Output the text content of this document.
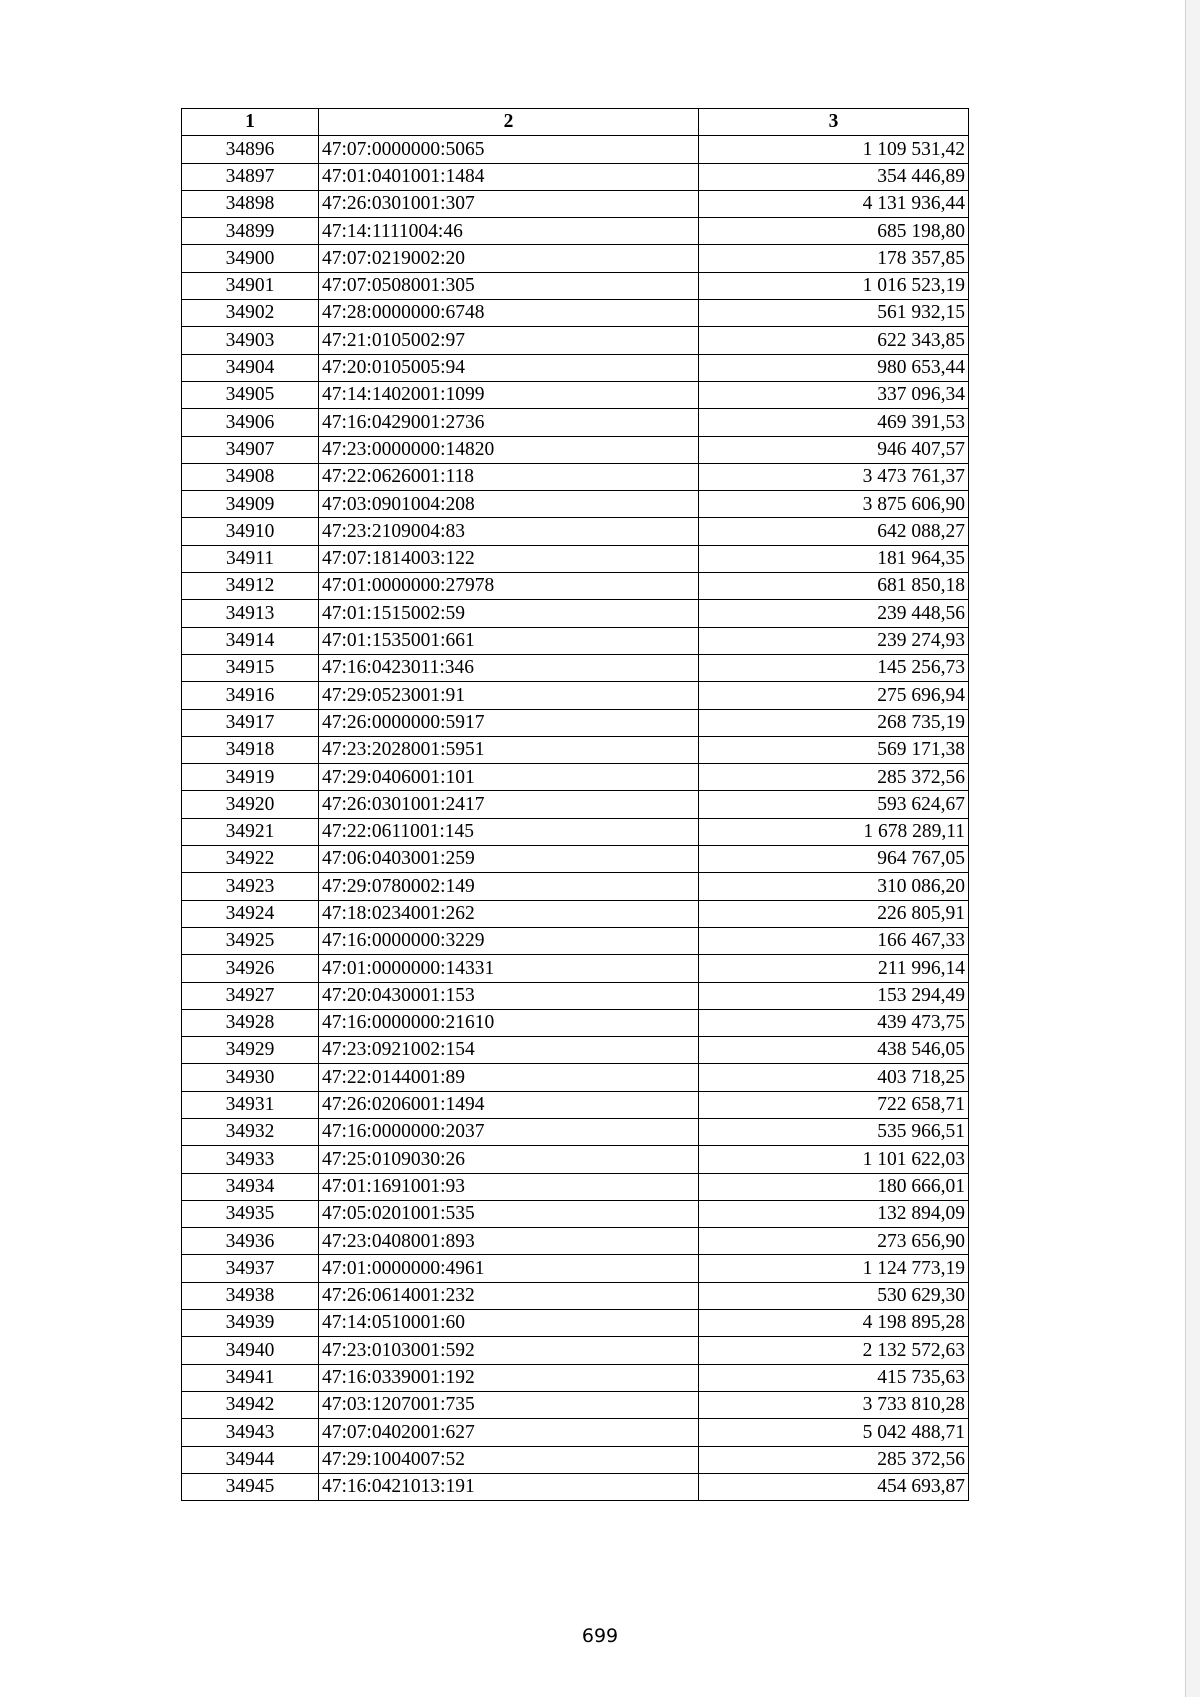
1	2	3
34896	47:07:0000000:5065	1 109 531,42
34897	47:01:0401001:1484	354 446,89
34898	47:26:0301001:307	4 131 936,44
34899	47:14:1111004:46	685 198,80
34900	47:07:0219002:20	178 357,85
34901	47:07:0508001:305	1 016 523,19
34902	47:28:0000000:6748	561 932,15
34903	47:21:0105002:97	622 343,85
34904	47:20:0105005:94	980 653,44
34905	47:14:1402001:1099	337 096,34
34906	47:16:0429001:2736	469 391,53
34907	47:23:0000000:14820	946 407,57
34908	47:22:0626001:118	3 473 761,37
34909	47:03:0901004:208	3 875 606,90
34910	47:23:2109004:83	642 088,27
34911	47:07:1814003:122	181 964,35
34912	47:01:0000000:27978	681 850,18
34913	47:01:1515002:59	239 448,56
34914	47:01:1535001:661	239 274,93
34915	47:16:0423011:346	145 256,73
34916	47:29:0523001:91	275 696,94
34917	47:26:0000000:5917	268 735,19
34918	47:23:2028001:5951	569 171,38
34919	47:29:0406001:101	285 372,56
34920	47:26:0301001:2417	593 624,67
34921	47:22:0611001:145	1 678 289,11
34922	47:06:0403001:259	964 767,05
34923	47:29:0780002:149	310 086,20
34924	47:18:0234001:262	226 805,91
34925	47:16:0000000:3229	166 467,33
34926	47:01:0000000:14331	211 996,14
34927	47:20:0430001:153	153 294,49
34928	47:16:0000000:21610	439 473,75
34929	47:23:0921002:154	438 546,05
34930	47:22:0144001:89	403 718,25
34931	47:26:0206001:1494	722 658,71
34932	47:16:0000000:2037	535 966,51
34933	47:25:0109030:26	1 101 622,03
34934	47:01:1691001:93	180 666,01
34935	47:05:0201001:535	132 894,09
34936	47:23:0408001:893	273 656,90
34937	47:01:0000000:4961	1 124 773,19
34938	47:26:0614001:232	530 629,30
34939	47:14:0510001:60	4 198 895,28
34940	47:23:0103001:592	2 132 572,63
34941	47:16:0339001:192	415 735,63
34942	47:03:1207001:735	3 733 810,28
34943	47:07:0402001:627	5 042 488,71
34944	47:29:1004007:52	285 372,56
34945	47:16:0421013:191	454 693,87
699
